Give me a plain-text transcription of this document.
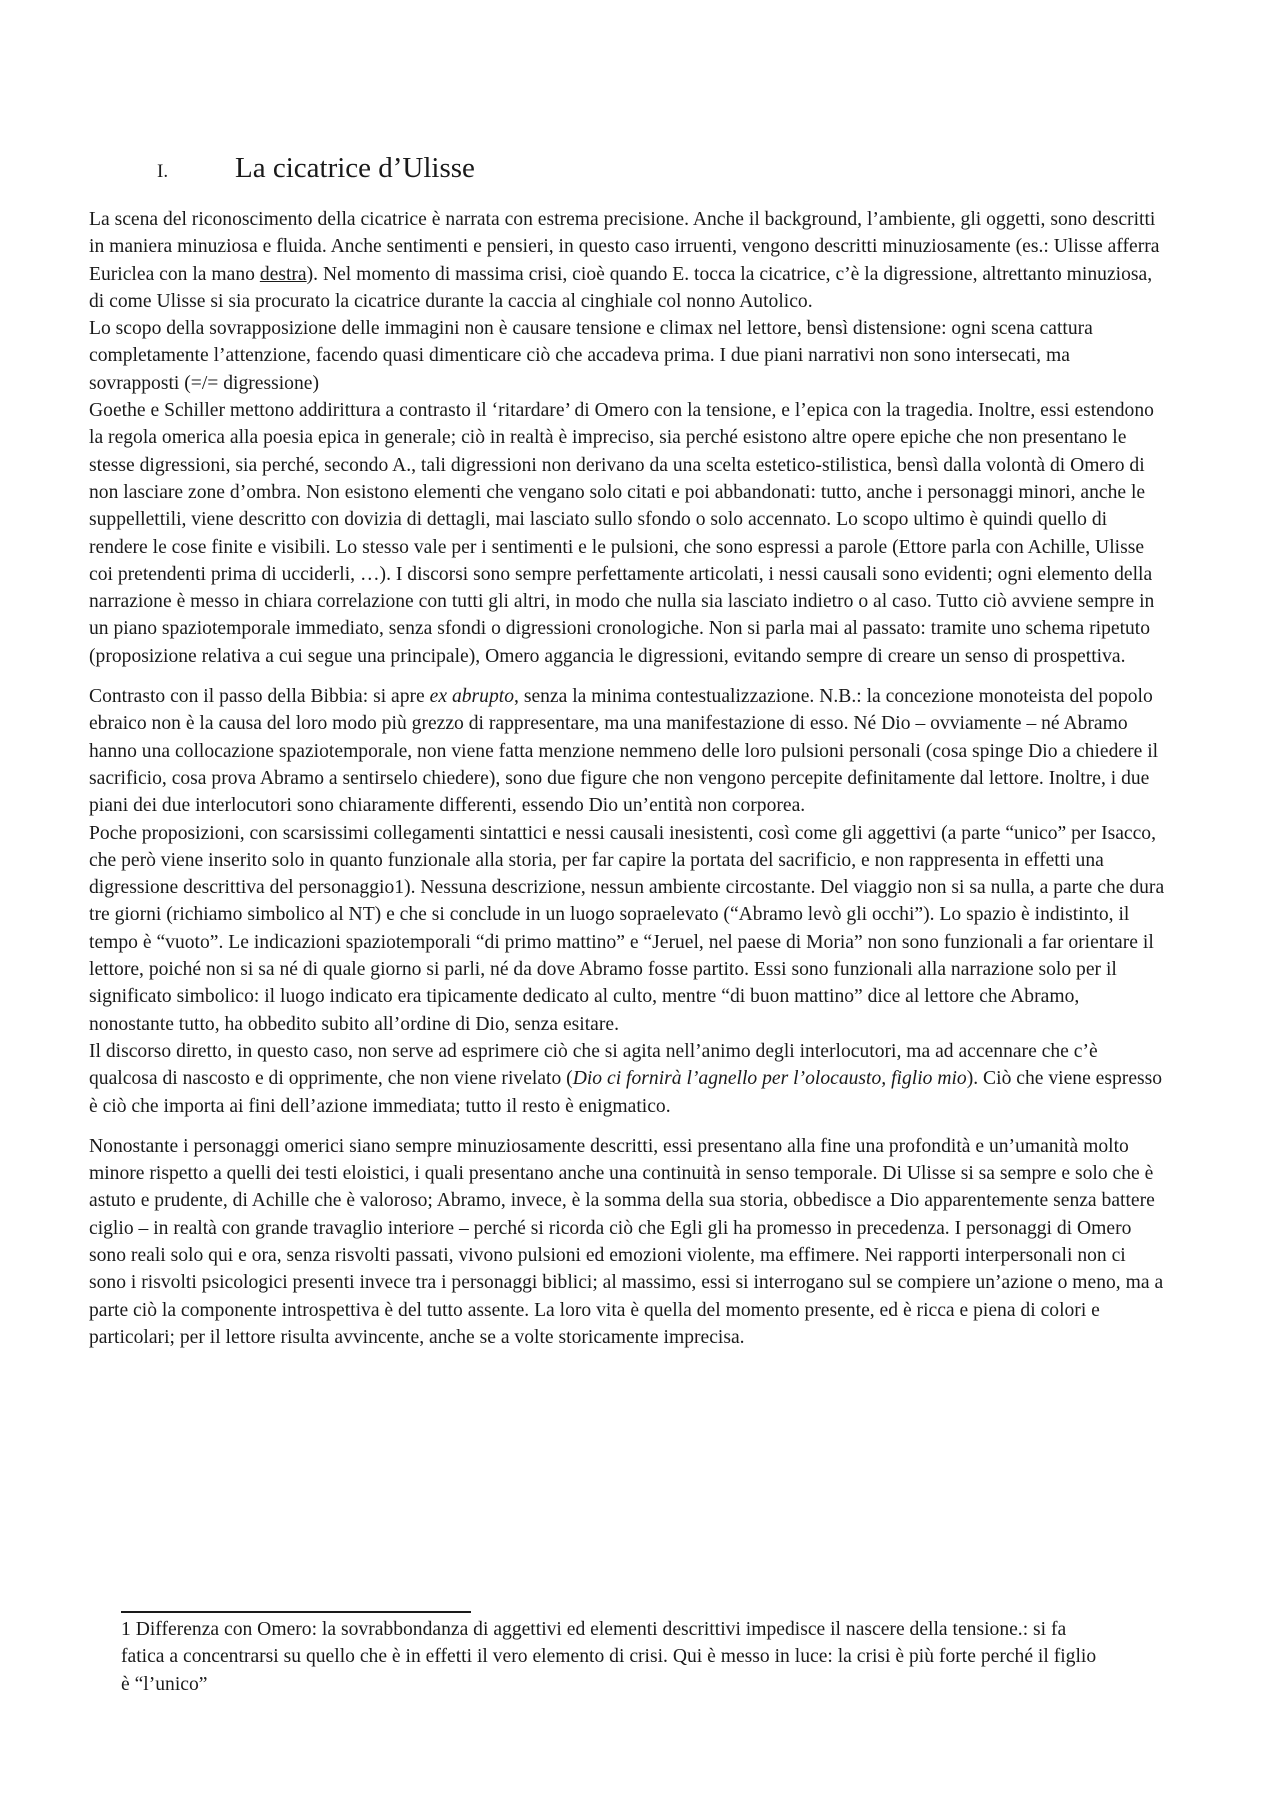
I.	La cicatrice d’Ulisse

La scena del riconoscimento della cicatrice è narrata con estrema precisione. Anche il background, l’ambiente, gli oggetti, sono descritti in maniera minuziosa e fluida. Anche sentimenti e pensieri, in questo caso irruenti, vengono descritti minuziosamente (es.: Ulisse afferra Euriclea con la mano destra). Nel momento di massima crisi, cioè quando E. tocca la cicatrice, c’è la digressione, altrettanto minuziosa, di come Ulisse si sia procurato la cicatrice durante la caccia al cinghiale col nonno Autolico.

Lo scopo della sovrapposizione delle immagini non è causare tensione e climax nel lettore, bensì distensione: ogni scena cattura completamente l’attenzione, facendo quasi dimenticare ciò che accadeva prima. I due piani narrativi non sono intersecati, ma sovrapposti (=/= digressione)

Goethe e Schiller mettono addirittura a contrasto il ‘ritardare’ di Omero con la tensione, e l’epica con la tragedia. Inoltre, essi estendono la regola omerica alla poesia epica in generale; ciò in realtà è impreciso, sia perché esistono altre opere epiche che non presentano le stesse digressioni, sia perché, secondo A., tali digressioni non derivano da una scelta estetico-stilistica, bensì dalla volontà di Omero di non lasciare zone d’ombra. Non esistono elementi che vengano solo citati e poi abbandonati: tutto, anche i personaggi minori, anche le suppellettili, viene descritto con dovizia di dettagli, mai lasciato sullo sfondo o solo accennato. Lo scopo ultimo è quindi quello di rendere le cose finite e visibili. Lo stesso vale per i sentimenti e le pulsioni, che sono espressi a parole (Ettore parla con Achille, Ulisse coi pretendenti prima di ucciderli, …). I discorsi sono sempre perfettamente articolati, i nessi causali sono evidenti; ogni elemento della narrazione è messo in chiara correlazione con tutti gli altri, in modo che nulla sia lasciato indietro o al caso. Tutto ciò avviene sempre in un piano spaziotemporale immediato, senza sfondi o digressioni cronologiche. Non si parla mai al passato: tramite uno schema ripetuto (proposizione relativa a cui segue una principale), Omero aggancia le digressioni, evitando sempre di creare un senso di prospettiva.

Contrasto con il passo della Bibbia: si apre ex abrupto, senza la minima contestualizzazione. N.B.: la concezione monoteista del popolo ebraico non è la causa del loro modo più grezzo di rappresentare, ma una manifestazione di esso. Né Dio – ovviamente – né Abramo hanno una collocazione spaziotemporale, non viene fatta menzione nemmeno delle loro pulsioni personali (cosa spinge Dio a chiedere il sacrificio, cosa prova Abramo a sentirselo chiedere), sono due figure che non vengono percepite definitamente dal lettore. Inoltre, i due piani dei due interlocutori sono chiaramente differenti, essendo Dio un’entità non corporea.

Poche proposizioni, con scarsissimi collegamenti sintattici e nessi causali inesistenti, così come gli aggettivi (a parte “unico” per Isacco, che però viene inserito solo in quanto funzionale alla storia, per far capire la portata del sacrificio, e non rappresenta in effetti una digressione descrittiva del personaggio1). Nessuna descrizione, nessun ambiente circostante. Del viaggio non si sa nulla, a parte che dura tre giorni (richiamo simbolico al NT) e che si conclude in un luogo sopraelevato (“Abramo levò gli occhi”). Lo spazio è indistinto, il tempo è “vuoto”. Le indicazioni spaziotemporali “di primo mattino” e “Jeruel, nel paese di Moria” non sono funzionali a far orientare il lettore, poiché non si sa né di quale giorno si parli, né da dove Abramo fosse partito. Essi sono funzionali alla narrazione solo per il significato simbolico: il luogo indicato era tipicamente dedicato al culto, mentre “di buon mattino” dice al lettore che Abramo, nonostante tutto, ha obbedito subito all’ordine di Dio, senza esitare.

Il discorso diretto, in questo caso, non serve ad esprimere ciò che si agita nell’animo degli interlocutori, ma ad accennare che c’è qualcosa di nascosto e di opprimente, che non viene rivelato (Dio ci fornirà l’agnello per l’olocausto, figlio mio). Ciò che viene espresso è ciò che importa ai fini dell’azione immediata; tutto il resto è enigmatico.

Nonostante i personaggi omerici siano sempre minuziosamente descritti, essi presentano alla fine una profondità e un’umanità molto minore rispetto a quelli dei testi eloistici, i quali presentano anche una continuità in senso temporale. Di Ulisse si sa sempre e solo che è astuto e prudente, di Achille che è valoroso; Abramo, invece, è la somma della sua storia, obbedisce a Dio apparentemente senza battere ciglio – in realtà con grande travaglio interiore – perché si ricorda ciò che Egli gli ha promesso in precedenza. I personaggi di Omero sono reali solo qui e ora, senza risvolti passati, vivono pulsioni ed emozioni violente, ma effimere. Nei rapporti interpersonali non ci sono i risvolti psicologici presenti invece tra i personaggi biblici; al massimo, essi si interrogano sul se compiere un’azione o meno, ma a parte ciò la componente introspettiva è del tutto assente. La loro vita è quella del momento presente, ed è ricca e piena di colori e particolari; per il lettore risulta avvincente, anche se a volte storicamente imprecisa.

1 Differenza con Omero: la sovrabbondanza di aggettivi ed elementi descrittivi impedisce il nascere della tensione.: si fa fatica a concentrarsi su quello che è in effetti il vero elemento di crisi. Qui è messo in luce: la crisi è più forte perché il figlio è “l’unico”
